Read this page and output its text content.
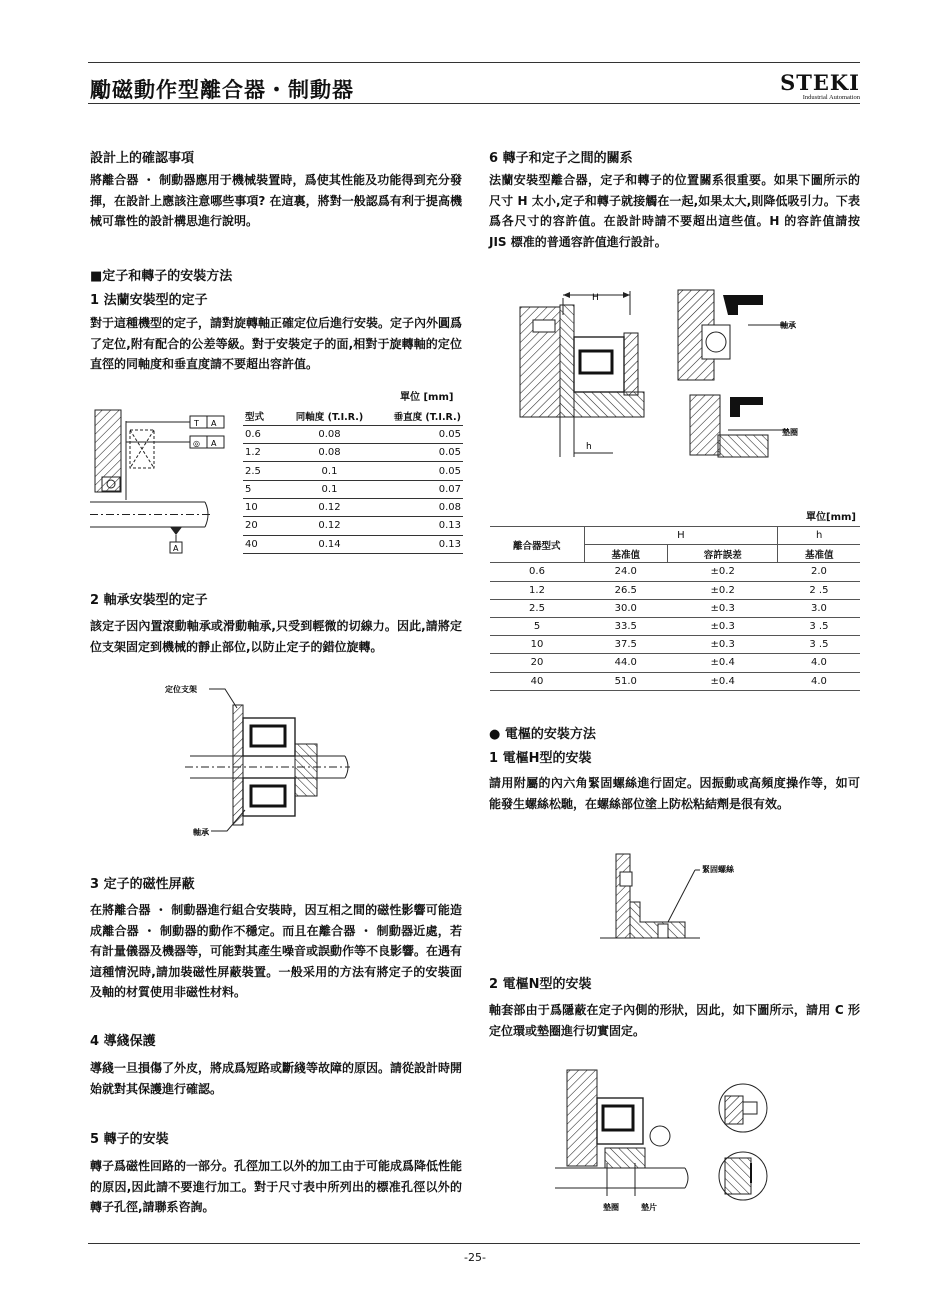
勵磁動作型離合器・制動器	STEKI
Industrial Automation
設計上的確認事項
將離合器 ・ 制動器應用于機械裝置時，爲使其性能及功能得到充分發揮，在設計上應該注意哪些事項? 在這裏，將對一般認爲有利于提高機械可靠性的設計構思進行說明。
■定子和轉子的安裝方法
1 法蘭安裝型的定子
對于這種機型的定子，請對旋轉軸正確定位后進行安裝。定子內外圓爲了定位,附有配合的公差等級。對于安裝定子的面,相對于旋轉軸的定位直徑的同軸度和垂直度請不要超出容許值。
單位 [mm]
T A
◎ A
A
型式	同軸度 (T.I.R.)	垂直度 (T.I.R.)
0.6	0.08	0.05
1.2	0.08	0.05
2.5	0.1	0.05
5	0.1	0.07
10	0.12	0.08
20	0.12	0.13
40	0.14	0.13
2 軸承安裝型的定子
該定子因內置滾動軸承或滑動軸承,只受到輕微的切線力。因此,請將定位支架固定到機械的靜止部位,以防止定子的錯位旋轉。
定位支架
軸承
3 定子的磁性屏蔽
在將離合器 ・ 制動器進行組合安裝時，因互相之間的磁性影響可能造成離合器 ・ 制動器的動作不穩定。而且在離合器 ・ 制動器近處，若有計量儀器及機器等，可能對其產生噪音或誤動作等不良影響。在遇有這種情況時,請加裝磁性屏蔽裝置。一般采用的方法有將定子的安裝面及軸的材質使用非磁性材料。
4 導綫保護
導綫一旦損傷了外皮，將成爲短路或斷綫等故障的原因。請從設計時開始就對其保護進行確認。
5 轉子的安裝
轉子爲磁性回路的一部分。孔徑加工以外的加工由于可能成爲降低性能的原因,因此請不要進行加工。對于尺寸表中所列出的標准孔徑以外的轉子孔徑,請聯系咨詢。
6 轉子和定子之間的關系
法蘭安裝型離合器，定子和轉子的位置關系很重要。如果下圖所示的尺寸 H 太小,定子和轉子就接觸在一起,如果太大,則降低吸引力。下表爲各尺寸的容許值。在設計時請不要超出這些值。H 的容許值請按 JIS 標准的普通容許值進行設計。
H
h
軸承
墊圈
單位[mm]
離合器型式	H		h
	基准值	容許誤差	基准值
0.6	24.0	±0.2	2.0
1.2	26.5	±0.2	2 .5
2.5	30.0	±0.3	3.0
5	33.5	±0.3	3 .5
10	37.5	±0.3	3 .5
20	44.0	±0.4	4.0
40	51.0	±0.4	4.0
● 電樞的安裝方法
1 電樞H型的安裝
請用附屬的內六角緊固螺絲進行固定。因振動或高頻度操作等，如可能發生螺絲松馳，在螺絲部位塗上防松粘結劑是很有效。
緊固螺絲
2 電樞N型的安裝
軸套部由于爲隱蔽在定子內側的形狀，因此，如下圖所示，請用 C 形定位環或墊圈進行切實固定。
墊圈	墊片
-25-
